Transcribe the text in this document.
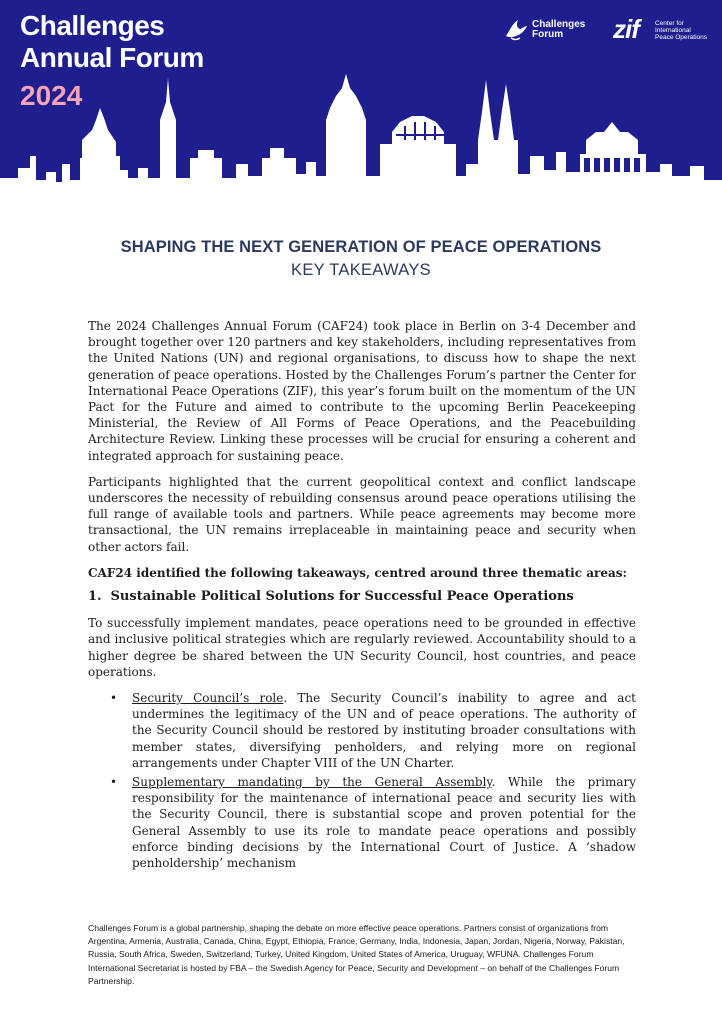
Challenges
Annual Forum
2024
Challenges
Forum	zif Center for
International
Peace Operations
SHAPING THE NEXT GENERATION OF PEACE OPERATIONS
KEY TAKEAWAYS

The 2024 Challenges Annual Forum (CAF24) took place in Berlin on 3-4 December and brought together over 120 partners and key stakeholders, including representatives from the United Nations (UN) and regional organisations, to discuss how to shape the next generation of peace operations. Hosted by the Challenges Forum’s partner the Center for International Peace Operations (ZIF), this year’s forum built on the momentum of the UN Pact for the Future and aimed to contribute to the upcoming Berlin Peacekeeping Ministerial, the Review of All Forms of Peace Operations, and the Peacebuilding Architecture Review. Linking these processes will be crucial for ensuring a coherent and integrated approach for sustaining peace.

Participants highlighted that the current geopolitical context and conflict landscape underscores the necessity of rebuilding consensus around peace operations utilising the full range of available tools and partners. While peace agreements may become more transactional, the UN remains irreplaceable in maintaining peace and security when other actors fail.

CAF24 identified the following takeaways, centred around three thematic areas:

1. Sustainable Political Solutions for Successful Peace Operations

To successfully implement mandates, peace operations need to be grounded in effective and inclusive political strategies which are regularly reviewed. Accountability should to a higher degree be shared between the UN Security Council, host countries, and peace operations.

• Security Council’s role. The Security Council’s inability to agree and act undermines the legitimacy of the UN and of peace operations. The authority of the Security Council should be restored by instituting broader consultations with member states, diversifying penholders, and relying more on regional arrangements under Chapter VIII of the UN Charter.
• Supplementary mandating by the General Assembly. While the primary responsibility for the maintenance of international peace and security lies with the Security Council, there is substantial scope and proven potential for the General Assembly to use its role to mandate peace operations and possibly enforce binding decisions by the International Court of Justice. A ‘shadow penholdership’ mechanism
Challenges Forum is a global partnership, shaping the debate on more effective peace operations. Partners consist of organizations from Argentina, Armenia, Australia, Canada, China, Egypt, Ethiopia, France, Germany, India, Indonesia, Japan, Jordan, Nigeria, Norway, Pakistan, Russia, South Africa, Sweden, Switzerland, Turkey, United Kingdom, United States of America, Uruguay, WFUNA. Challenges Forum International Secretariat is hosted by FBA – the Swedish Agency for Peace, Security and Development – on behalf of the Challenges Forum Partnership.
